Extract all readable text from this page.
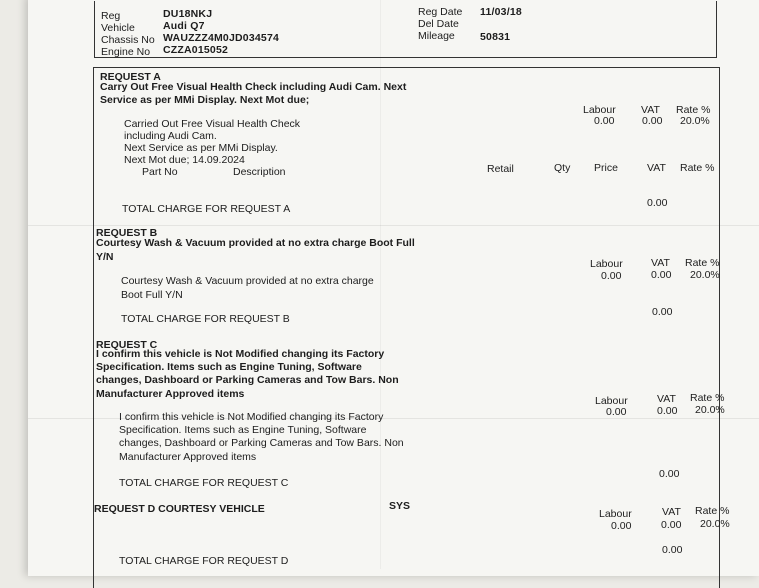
Reg	DU18NKJ
Vehicle	Audi Q7
Chassis No WAUZZZ4M0JD034574
Engine No CZZA015052
Reg Date 11/03/18
Del Date
Mileage 50831
REQUEST A
Carry Out Free Visual Health Check including Audi Cam. Next
Service as per MMi Display. Next Mot due;
Labour VAT Rate %
0.00	0.00 20.0%
Carried Out Free Visual Health Check
including Audi Cam.
Next Service as per MMi Display.
Next Mot due; 14.09.2024
Part No	Description	Retail	Qty Price	VAT Rate %
0.00
TOTAL CHARGE FOR REQUEST A
REQUEST B
Courtesy Wash & Vacuum provided at no extra charge Boot Full
Y/N
Labour	VAT Rate %
0.00	0.00 20.0%
Courtesy Wash & Vacuum provided at no extra charge
Boot Full Y/N
0.00
TOTAL CHARGE FOR REQUEST B
REQUEST C
I confirm this vehicle is Not Modified changing its Factory
Specification. Items such as Engine Tuning, Software
changes, Dashboard or Parking Cameras and Tow Bars. Non
Manufacturer Approved items
Labour	VAT Rate %
0.00	0.00 20.0%
I confirm this vehicle is Not Modified changing its Factory
Specification. Items such as Engine Tuning, Software
changes, Dashboard or Parking Cameras and Tow Bars. Non
Manufacturer Approved items
0.00
TOTAL CHARGE FOR REQUEST C
REQUEST D COURTESY VEHICLE	SYS
Labour	VAT Rate %
0.00	0.00 20.0%
0.00
TOTAL CHARGE FOR REQUEST D
